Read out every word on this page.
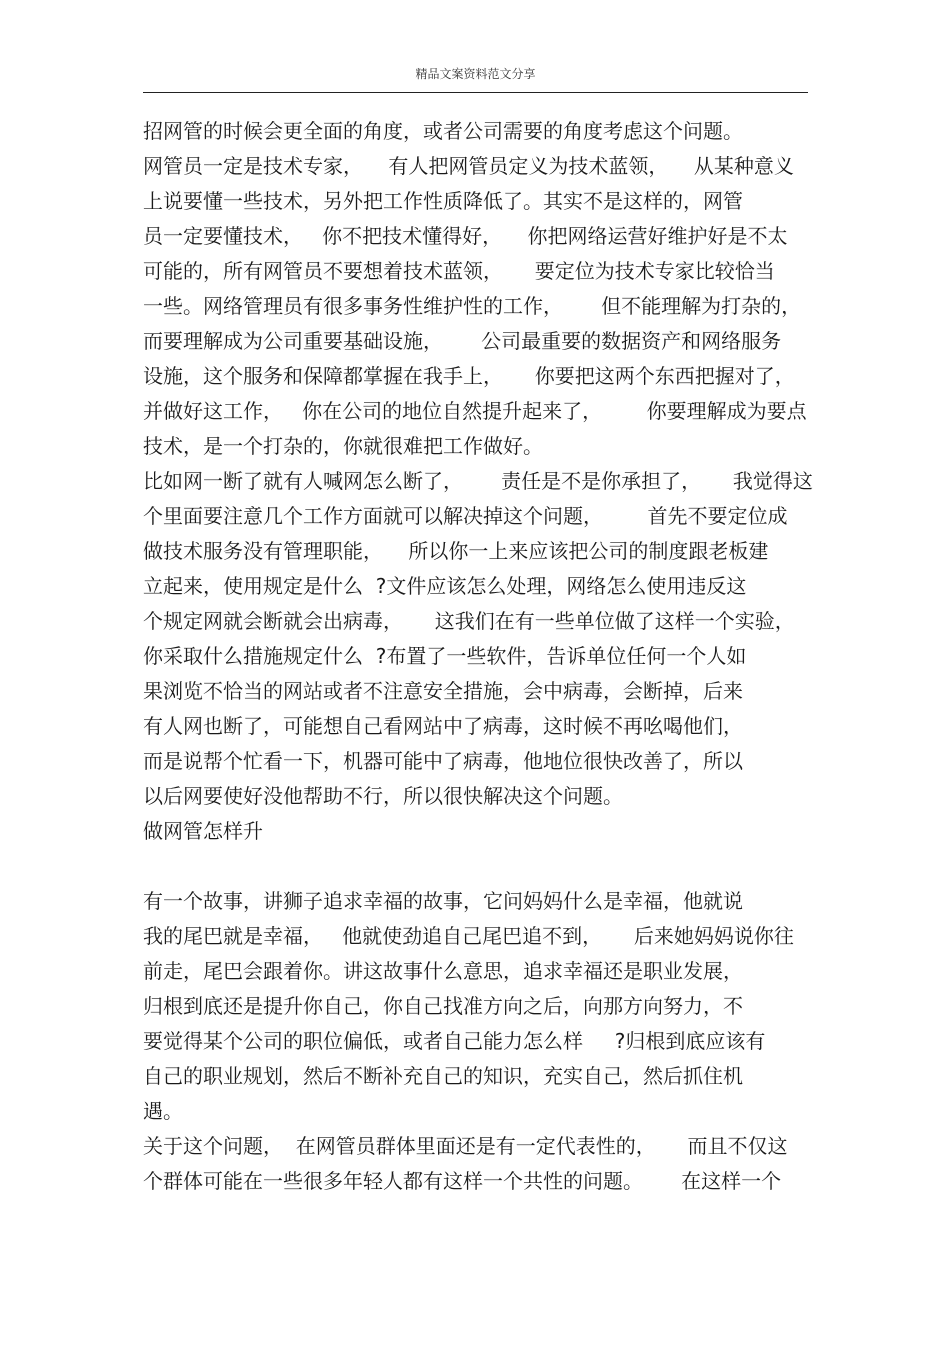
精品文案资料范文分享
招网管的时候会更全面的角度，或者公司需要的角度考虑这个问题。
网管员一定是技术专家，    有人把网管员定义为技术蓝领，    从某种意义
上说要懂一些技术，另外把工作性质降低了。其实不是这样的，网管
员一定要懂技术，   你不把技术懂得好，    你把网络运营好维护好是不太
可能的，所有网管员不要想着技术蓝领，     要定位为技术专家比较恰当
一些。网络管理员有很多事务性维护性的工作，      但不能理解为打杂的，
而要理解成为公司重要基础设施，      公司最重要的数据资产和网络服务
设施，这个服务和保障都掌握在我手上，     你要把这两个东西把握对了，
并做好这工作，   你在公司的地位自然提升起来了，       你要理解成为要点
技术，是一个打杂的，你就很难把工作做好。
比如网一断了就有人喊网怎么断了，      责任是不是你承担了，     我觉得这
个里面要注意几个工作方面就可以解决掉这个问题，       首先不要定位成
做技术服务没有管理职能，    所以你一上来应该把公司的制度跟老板建
立起来，使用规定是什么  ?文件应该怎么处理，网络怎么使用违反这
个规定网就会断就会出病毒，     这我们在有一些单位做了这样一个实验，
你采取什么措施规定什么  ?布置了一些软件，告诉单位任何一个人如
果浏览不恰当的网站或者不注意安全措施，会中病毒，会断掉，后来
有人网也断了，可能想自己看网站中了病毒，这时候不再吆喝他们，
而是说帮个忙看一下，机器可能中了病毒，他地位很快改善了，所以
以后网要使好没他帮助不行，所以很快解决这个问题。
做网管怎样升
有一个故事，讲狮子追求幸福的故事，它问妈妈什么是幸福，他就说
我的尾巴就是幸福，   他就使劲追自己尾巴追不到，     后来她妈妈说你往
前走，尾巴会跟着你。讲这故事什么意思，追求幸福还是职业发展，
归根到底还是提升你自己，你自己找准方向之后，向那方向努力，不
要觉得某个公司的职位偏低，或者自己能力怎么样     ?归根到底应该有
自己的职业规划，然后不断补充自己的知识，充实自己，然后抓住机
遇。
关于这个问题，  在网管员群体里面还是有一定代表性的，     而且不仅这
个群体可能在一些很多年轻人都有这样一个共性的问题。      在这样一个
